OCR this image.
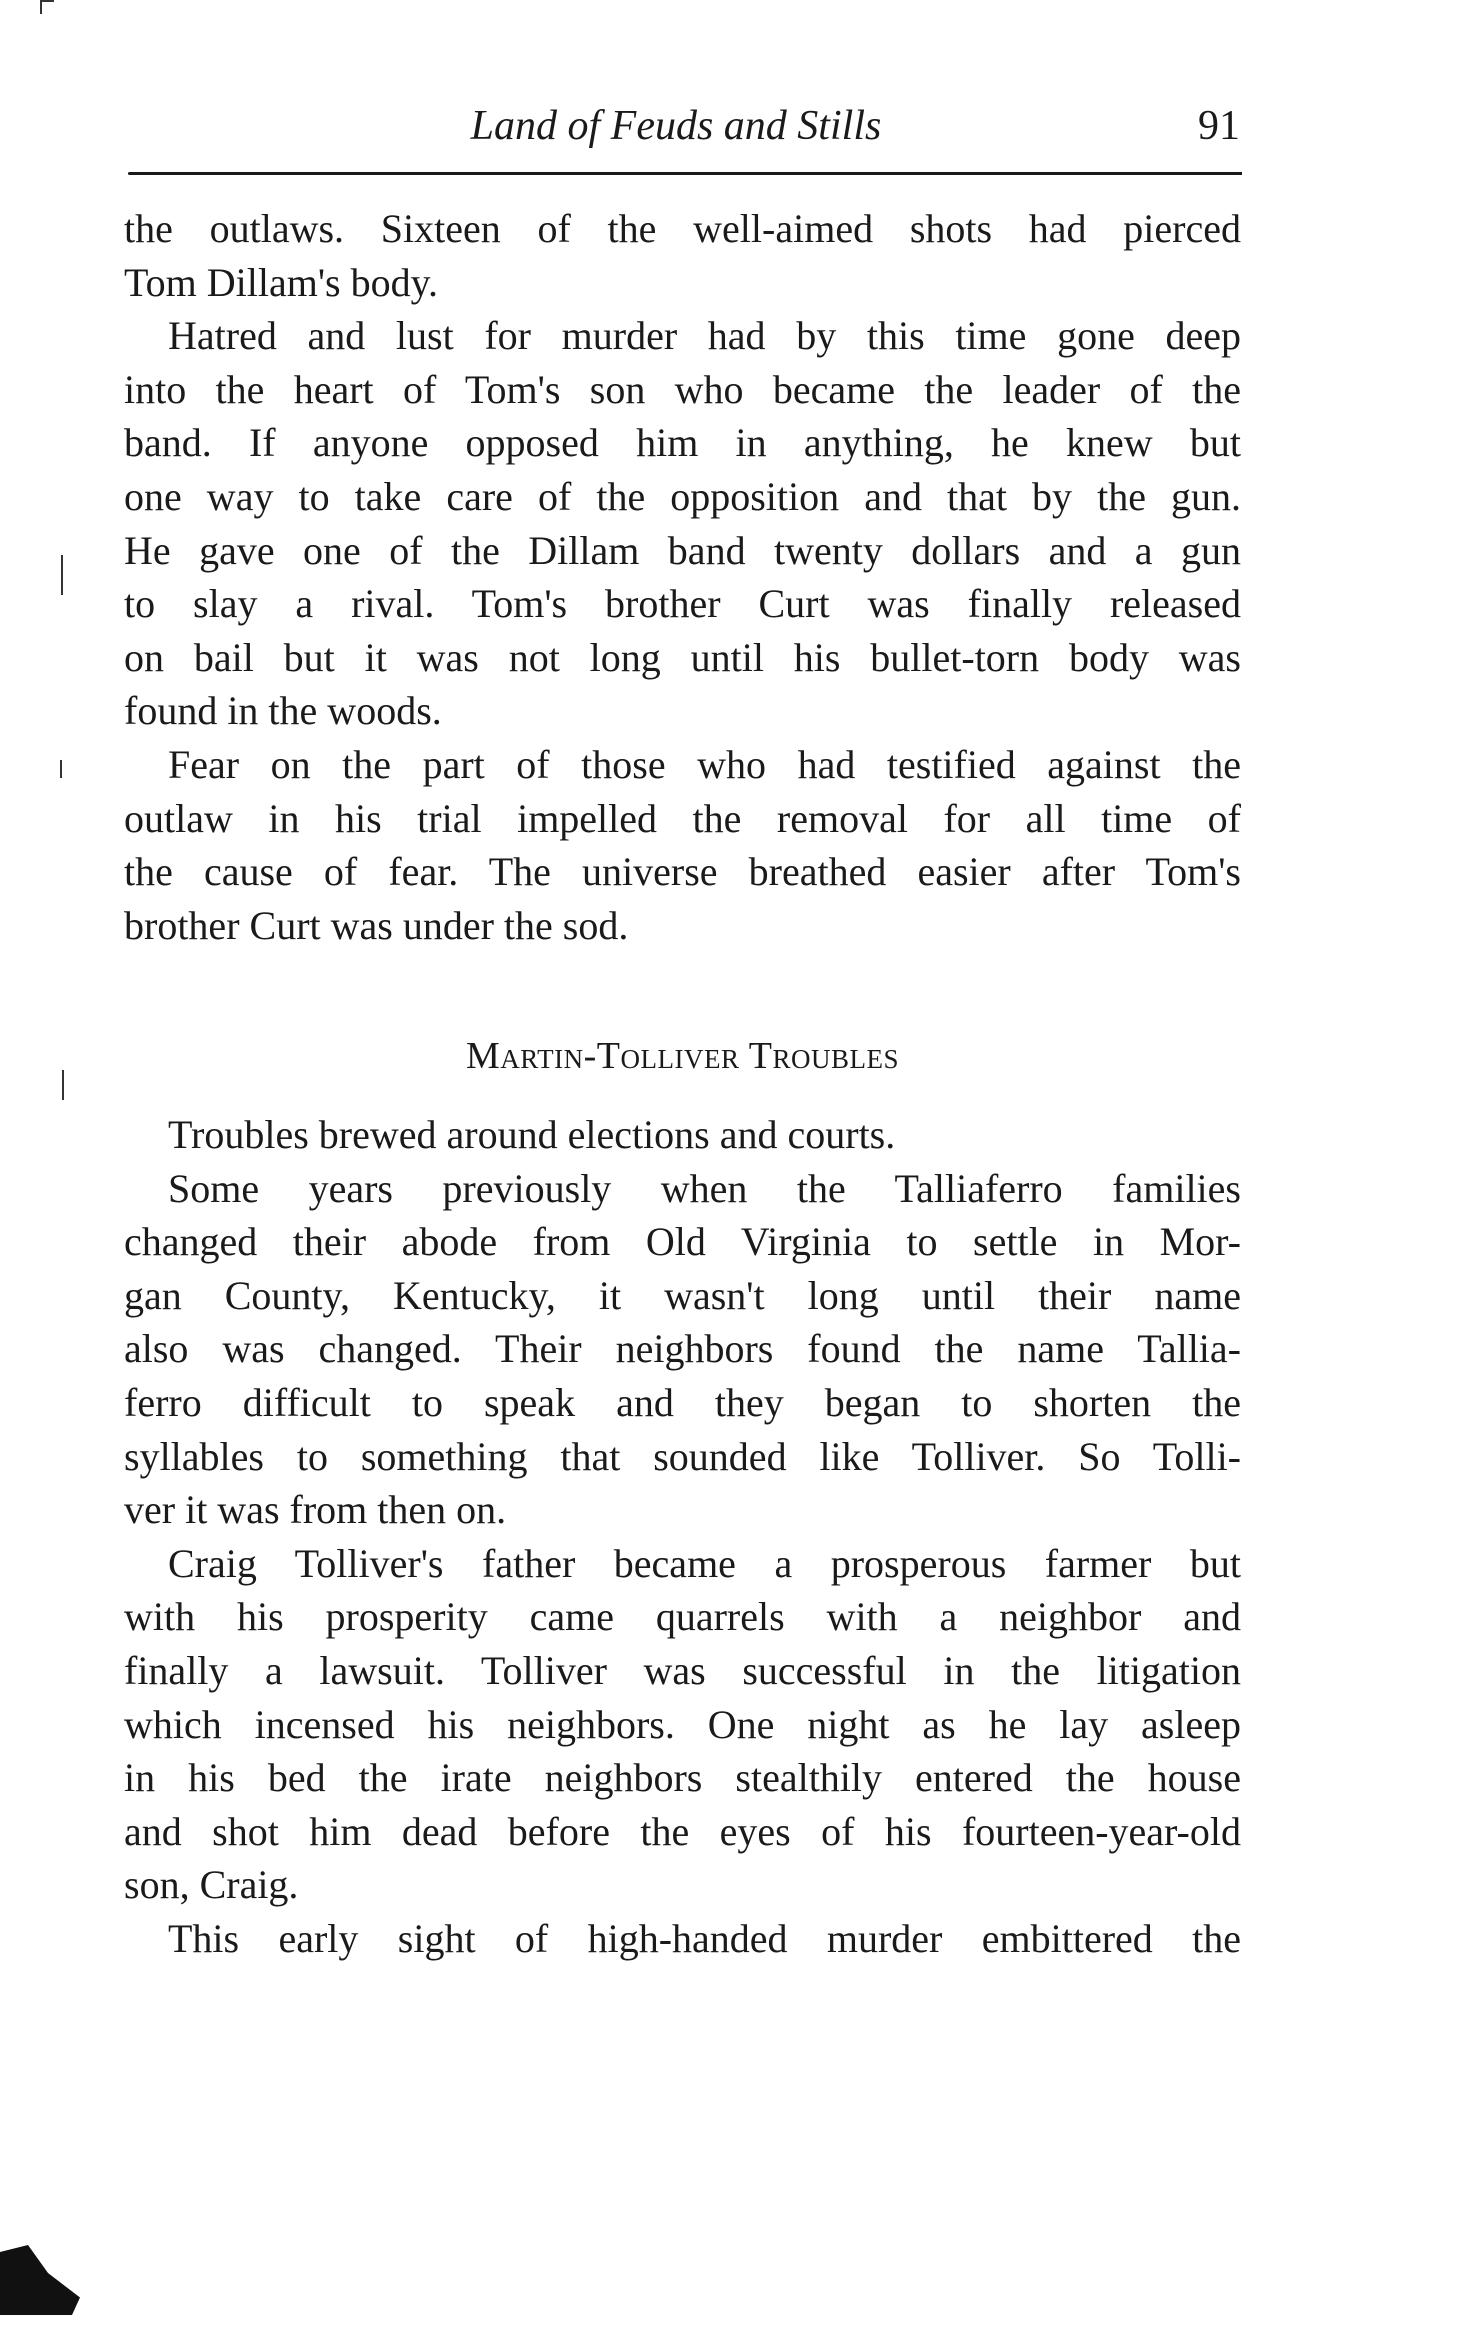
Land of Feuds and Stills	91
the outlaws. Sixteen of the well-aimed shots had pierced
Tom Dillam's body.
Hatred and lust for murder had by this time gone deep
into the heart of Tom's son who became the leader of the
band. If anyone opposed him in anything, he knew but
one way to take care of the opposition and that by the gun.
He gave one of the Dillam band twenty dollars and a gun
to slay a rival. Tom's brother Curt was finally released
on bail but it was not long until his bullet-torn body was
found in the woods.
Fear on the part of those who had testified against the
outlaw in his trial impelled the removal for all time of
the cause of fear. The universe breathed easier after Tom's
brother Curt was under the sod.
Martin-Tolliver Troubles
Troubles brewed around elections and courts.
Some years previously when the Talliaferro families
changed their abode from Old Virginia to settle in Mor-
gan County, Kentucky, it wasn't long until their name
also was changed. Their neighbors found the name Tallia-
ferro difficult to speak and they began to shorten the
syllables to something that sounded like Tolliver. So Tolli-
ver it was from then on.
Craig Tolliver's father became a prosperous farmer but
with his prosperity came quarrels with a neighbor and
finally a lawsuit. Tolliver was successful in the litigation
which incensed his neighbors. One night as he lay asleep
in his bed the irate neighbors stealthily entered the house
and shot him dead before the eyes of his fourteen-year-old
son, Craig.
This early sight of high-handed murder embittered the
